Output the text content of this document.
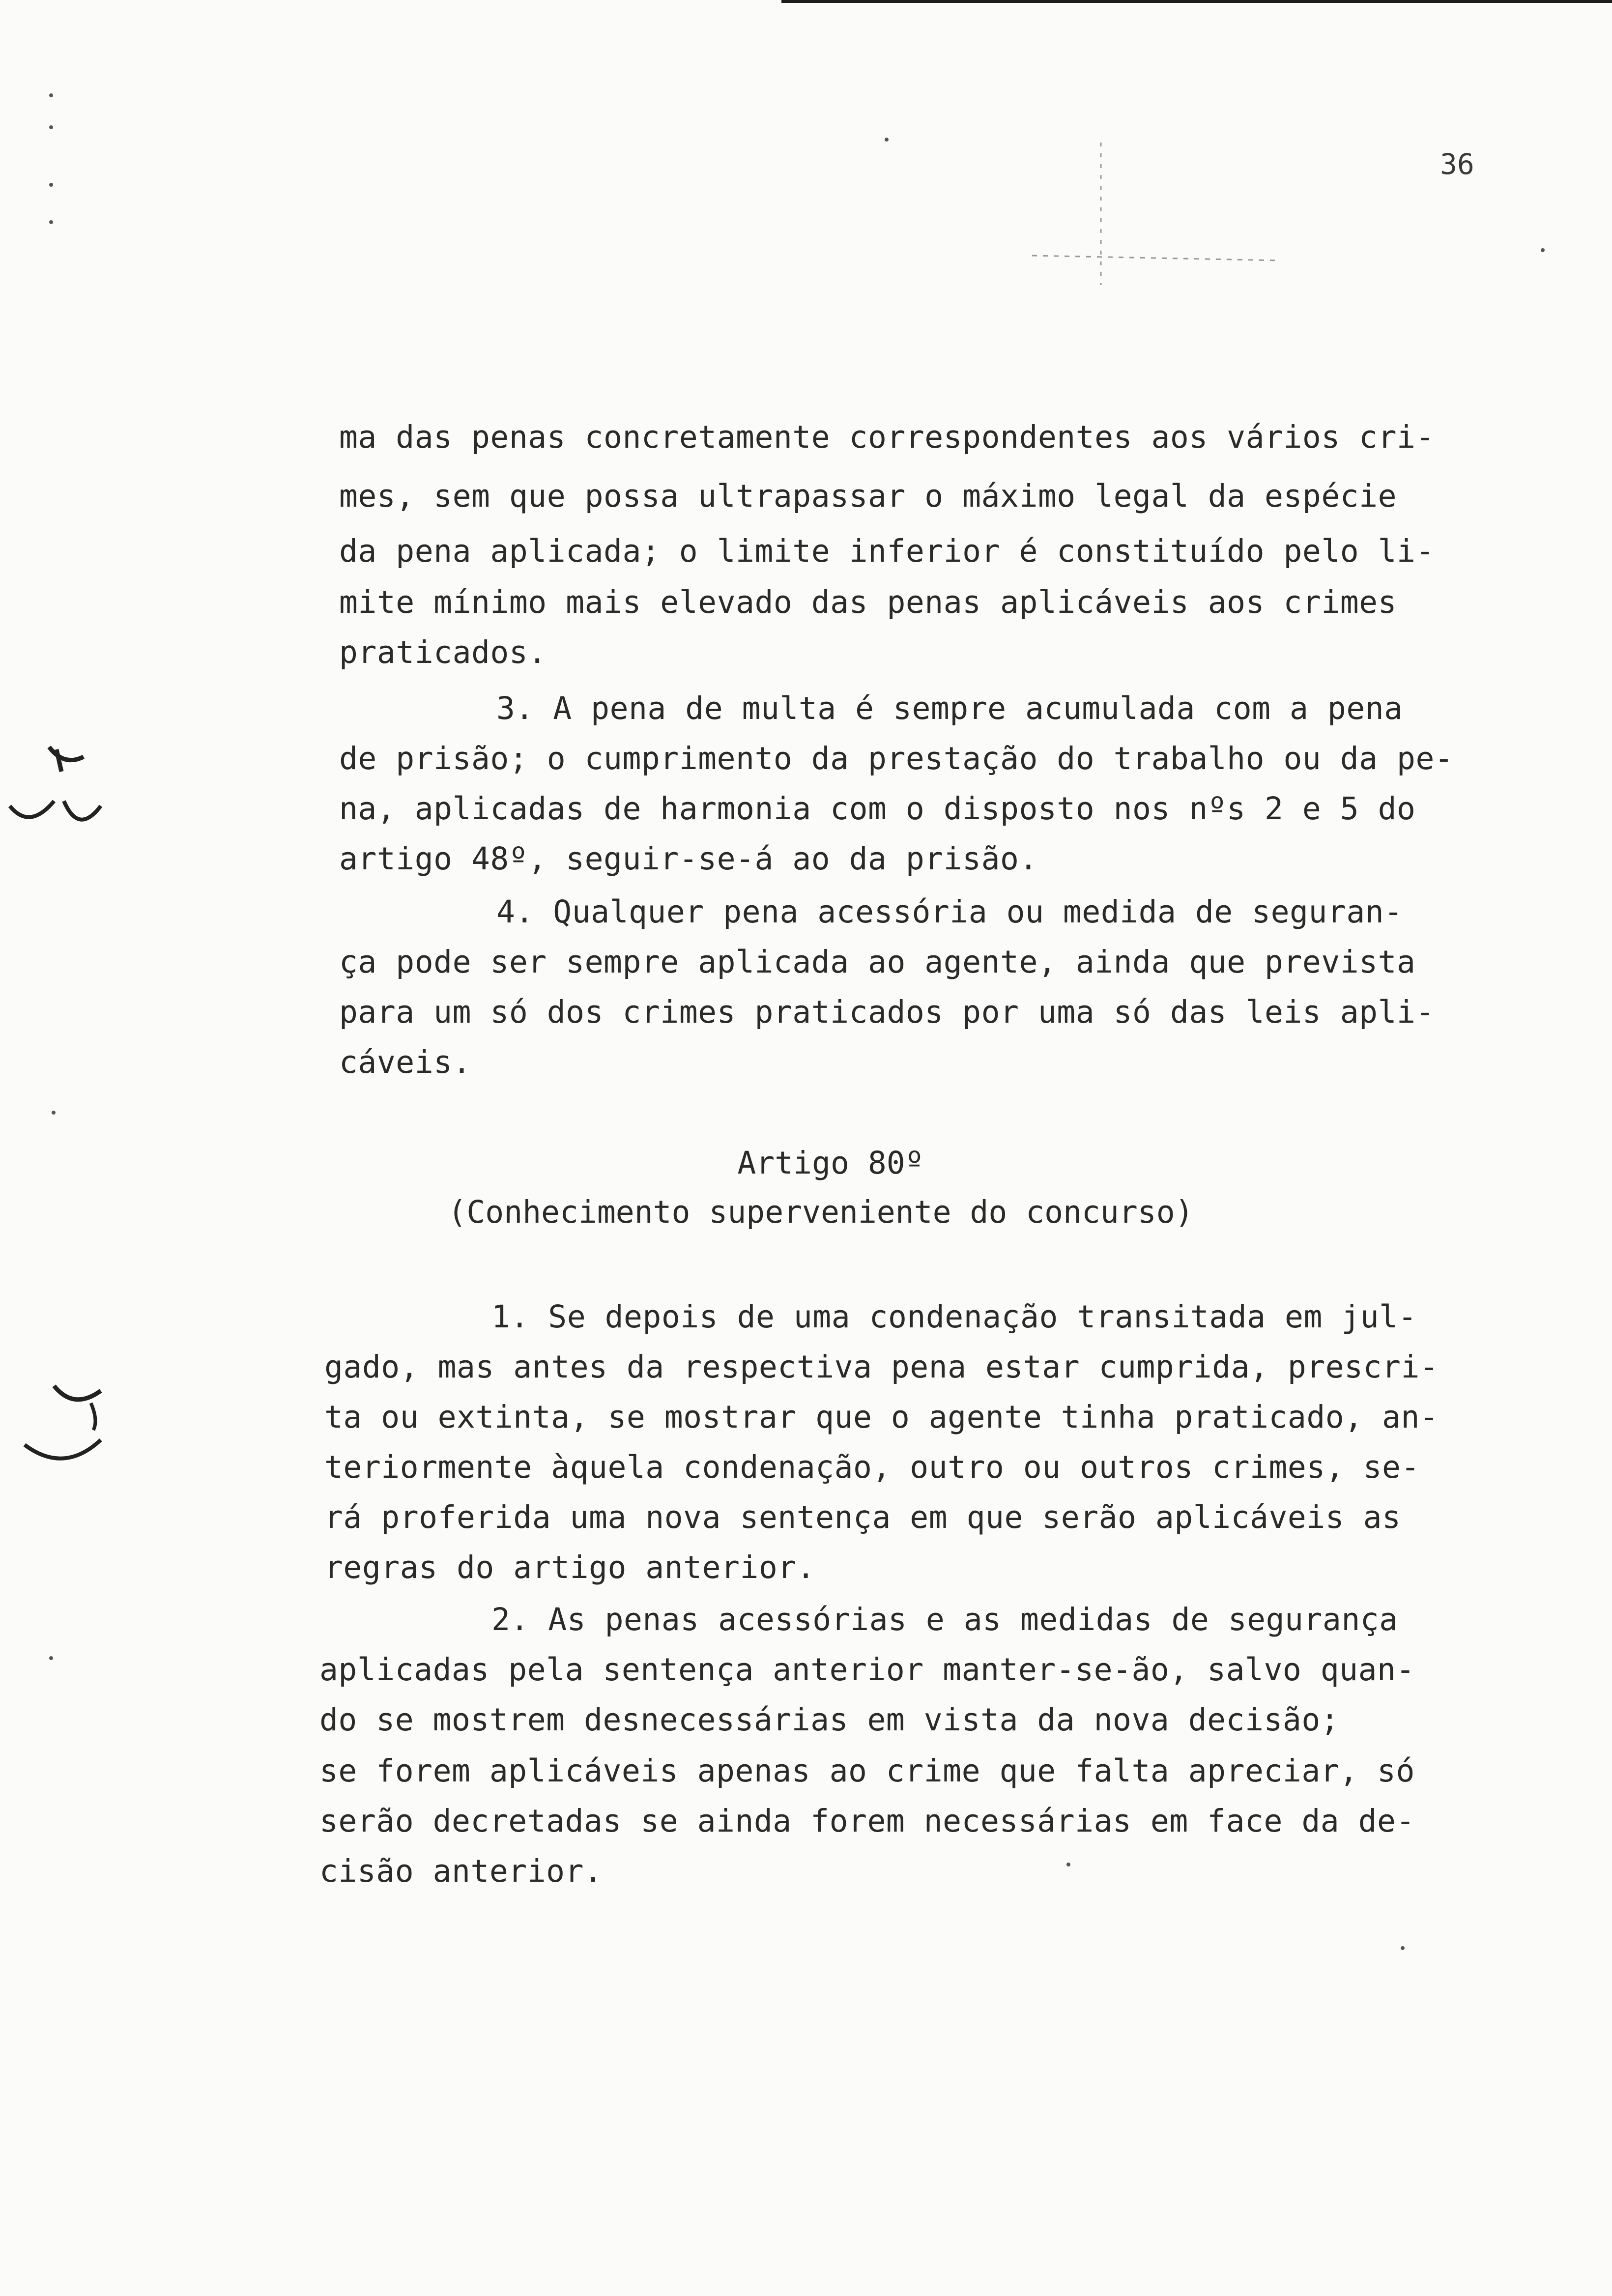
36
ma das penas concretamente correspondentes aos vários cri-
mes, sem que possa ultrapassar o máximo legal da espécie
da pena aplicada; o limite inferior é constituído pelo li-
mite mínimo mais elevado das penas aplicáveis aos crimes
praticados.
3. A pena de multa é sempre acumulada com a pena
de prisão; o cumprimento da prestação do trabalho ou da pe-
na, aplicadas de harmonia com o disposto nos nºs 2 e 5 do
artigo 48º, seguir-se-á ao da prisão.
4. Qualquer pena acessória ou medida de seguran-
ça pode ser sempre aplicada ao agente, ainda que prevista
para um só dos crimes praticados por uma só das leis apli-
cáveis.
Artigo 80º
(Conhecimento superveniente do concurso)
1. Se depois de uma condenação transitada em jul-
gado, mas antes da respectiva pena estar cumprida, prescri-
ta ou extinta, se mostrar que o agente tinha praticado, an-
teriormente àquela condenação, outro ou outros crimes, se-
rá proferida uma nova sentença em que serão aplicáveis as
regras do artigo anterior.
2. As penas acessórias e as medidas de segurança
aplicadas pela sentença anterior manter-se-ão, salvo quan-
do se mostrem desnecessárias em vista da nova decisão;
se forem aplicáveis apenas ao crime que falta apreciar, só
serão decretadas se ainda forem necessárias em face da de-
cisão anterior.
